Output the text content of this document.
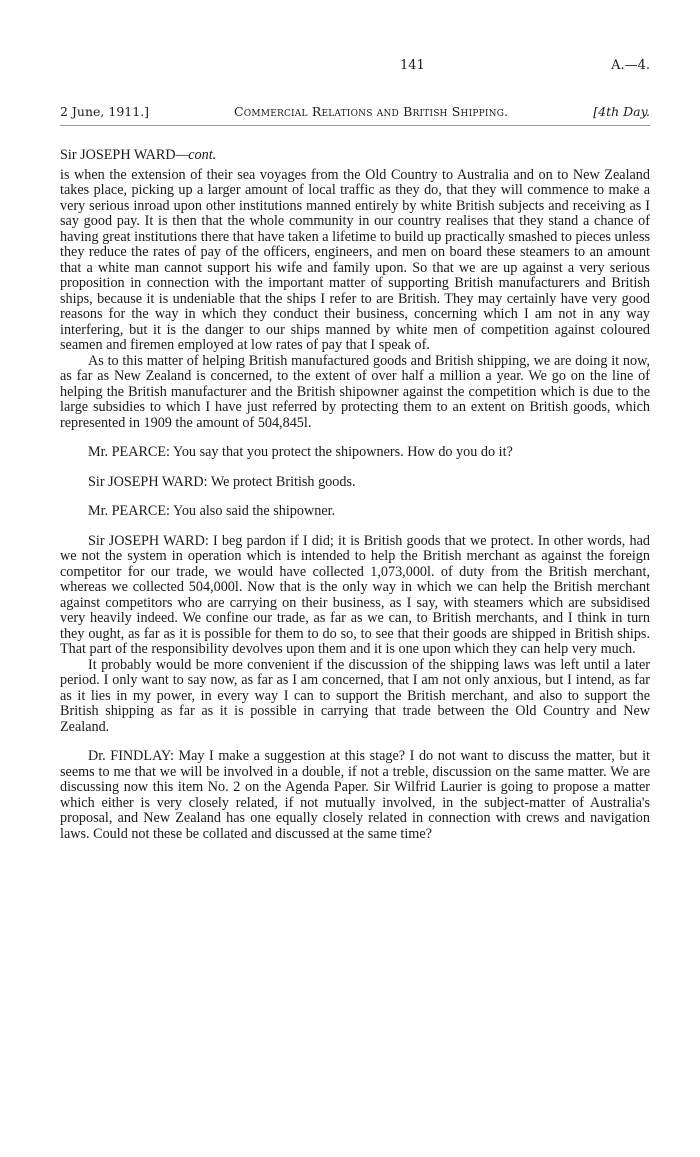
141	A.—4.
2 June, 1911.]	Commercial Relations and British Shipping.	[4th Day.
Sir JOSEPH WARD—cont.

is when the extension of their sea voyages from the Old Country to Australia and on to New Zealand takes place, picking up a larger amount of local traffic as they do, that they will commence to make a very serious inroad upon other institutions manned entirely by white British subjects and receiving as I say good pay. It is then that the whole community in our country realises that they stand a chance of having great institutions there that have taken a lifetime to build up practically smashed to pieces unless they reduce the rates of pay of the officers, engineers, and men on board these steamers to an amount that a white man cannot support his wife and family upon. So that we are up against a very serious proposition in connection with the important matter of supporting British manufacturers and British ships, because it is undeniable that the ships I refer to are British. They may certainly have very good reasons for the way in which they conduct their business, concerning which I am not in any way interfering, but it is the danger to our ships manned by white men of competition against coloured seamen and firemen employed at low rates of pay that I speak of.

As to this matter of helping British manufactured goods and British shipping, we are doing it now, as far as New Zealand is concerned, to the extent of over half a million a year. We go on the line of helping the British manufacturer and the British shipowner against the competition which is due to the large subsidies to which I have just referred by protecting them to an extent on British goods, which represented in 1909 the amount of 504,845l.

Mr. PEARCE: You say that you protect the shipowners. How do you do it?

Sir JOSEPH WARD: We protect British goods.

Mr. PEARCE: You also said the shipowner.

Sir JOSEPH WARD: I beg pardon if I did; it is British goods that we protect. In other words, had we not the system in operation which is intended to help the British merchant as against the foreign competitor for our trade, we would have collected 1,073,000l. of duty from the British merchant, whereas we collected 504,000l. Now that is the only way in which we can help the British merchant against competitors who are carrying on their business, as I say, with steamers which are subsidised very heavily indeed. We confine our trade, as far as we can, to British merchants, and I think in turn they ought, as far as it is possible for them to do so, to see that their goods are shipped in British ships. That part of the responsibility devolves upon them and it is one upon which they can help very much.

It probably would be more convenient if the discussion of the shipping laws was left until a later period. I only want to say now, as far as I am concerned, that I am not only anxious, but I intend, as far as it lies in my power, in every way I can to support the British merchant, and also to support the British shipping as far as it is possible in carrying that trade between the Old Country and New Zealand.

Dr. FINDLAY: May I make a suggestion at this stage? I do not want to discuss the matter, but it seems to me that we will be involved in a double, if not a treble, discussion on the same matter. We are discussing now this item No. 2 on the Agenda Paper. Sir Wilfrid Laurier is going to propose a matter which either is very closely related, if not mutually involved, in the subject-matter of Australia's proposal, and New Zealand has one equally closely related in connection with crews and navigation laws. Could not these be collated and discussed at the same time?
